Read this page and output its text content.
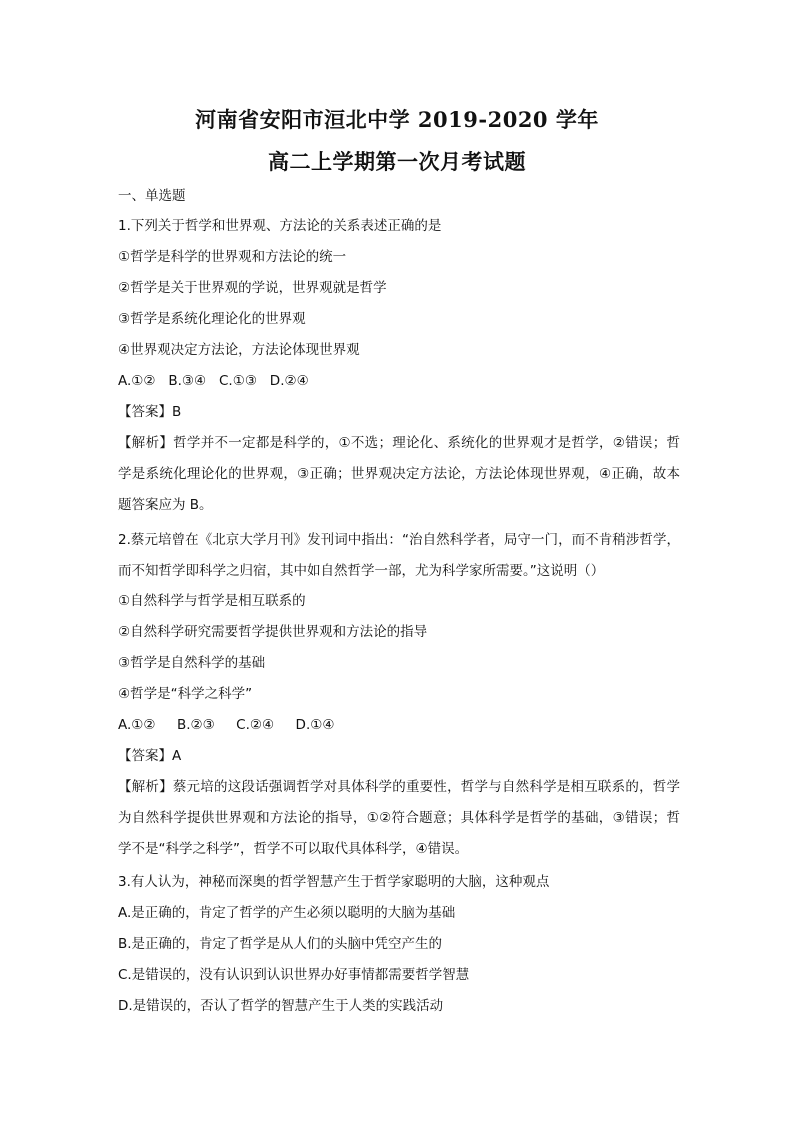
河南省安阳市洹北中学 2019-2020 学年
高二上学期第一次月考试题
一、单选题
1.下列关于哲学和世界观、方法论的关系表述正确的是
①哲学是科学的世界观和方法论的统一
②哲学是关于世界观的学说，世界观就是哲学
③哲学是系统化理论化的世界观
④世界观决定方法论，方法论体现世界观
A.①②   B.③④   C.①③   D.②④
【答案】B
【解析】哲学并不一定都是科学的，①不选；理论化、系统化的世界观才是哲学，②错误；哲学是系统化理论化的世界观，③正确；世界观决定方法论，方法论体现世界观，④正确，故本题答案应为 B。
2.蔡元培曾在《北京大学月刊》发刊词中指出：“治自然科学者，局守一门，而不肯稍涉哲学，而不知哲学即科学之归宿，其中如自然哲学一部，尤为科学家所需要。”这说明（）
①自然科学与哲学是相互联系的
②自然科学研究需要哲学提供世界观和方法论的指导
③哲学是自然科学的基础
④哲学是“科学之科学”
A.①②     B.②③     C.②④     D.①④
【答案】A
【解析】蔡元培的这段话强调哲学对具体科学的重要性，哲学与自然科学是相互联系的，哲学为自然科学提供世界观和方法论的指导，①②符合题意；具体科学是哲学的基础，③错误；哲学不是“科学之科学”，哲学不可以取代具体科学，④错误。
3.有人认为，神秘而深奥的哲学智慧产生于哲学家聪明的大脑，这种观点
A.是正确的，肯定了哲学的产生必须以聪明的大脑为基础
B.是正确的，肯定了哲学是从人们的头脑中凭空产生的
C.是错误的，没有认识到认识世界办好事情都需要哲学智慧
D.是错误的，否认了哲学的智慧产生于人类的实践活动
